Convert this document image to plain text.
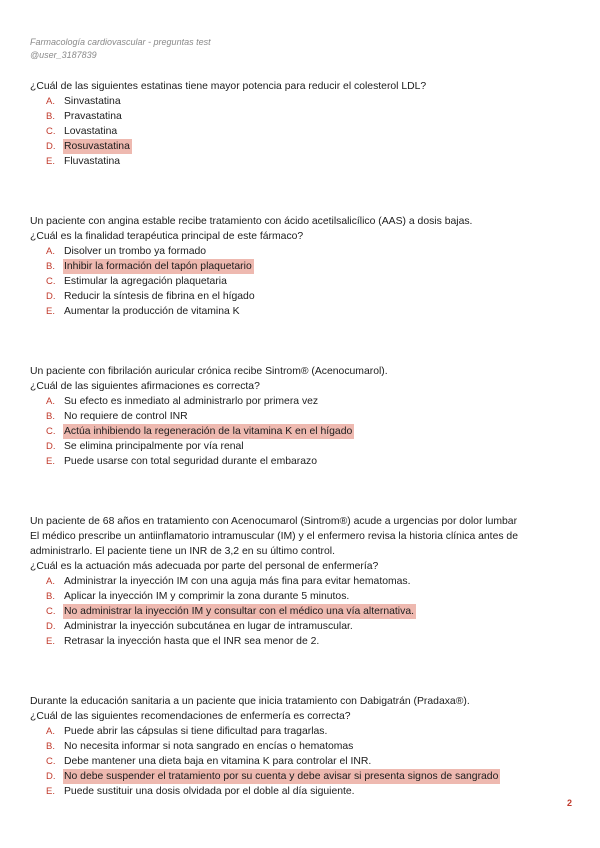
Farmacología cardiovascular - preguntas test
@user_3187839

¿Cuál de las siguientes estatinas tiene mayor potencia para reducir el colesterol LDL?

A. Sinvastatina
B. Pravastatina
C. Lovastatina
D. Rosuvastatina
E. Fluvastatina

Un paciente con angina estable recibe tratamiento con ácido acetilsalicílico (AAS) a dosis bajas.

¿Cuál es la finalidad terapéutica principal de este fármaco?

A. Disolver un trombo ya formado
B. Inhibir la formación del tapón plaquetario
C. Estimular la agregación plaquetaria
D. Reducir la síntesis de fibrina en el hígado
E. Aumentar la producción de vitamina K

Un paciente con fibrilación auricular crónica recibe Sintrom® (Acenocumarol).

¿Cuál de las siguientes afirmaciones es correcta?

A. Su efecto es inmediato al administrarlo por primera vez
B. No requiere de control INR
C. Actúa inhibiendo la regeneración de la vitamina K en el hígado
D. Se elimina principalmente por vía renal
E. Puede usarse con total seguridad durante el embarazo

Un paciente de 68 años en tratamiento con Acenocumarol (Sintrom®) acude a urgencias por dolor lumbar

El médico prescribe un antiinflamatorio intramuscular (IM) y el enfermero revisa la historia clínica antes de

administrarlo. El paciente tiene un INR de 3,2 en su último control.

¿Cuál es la actuación más adecuada por parte del personal de enfermería?

A. Administrar la inyección IM con una aguja más fina para evitar hematomas.
B. Aplicar la inyección IM y comprimir la zona durante 5 minutos.
C. No administrar la inyección IM y consultar con el médico una vía alternativa.
D. Administrar la inyección subcutánea en lugar de intramuscular.
E. Retrasar la inyección hasta que el INR sea menor de 2.

Durante la educación sanitaria a un paciente que inicia tratamiento con Dabigatrán (Pradaxa®).

¿Cuál de las siguientes recomendaciones de enfermería es correcta?

A. Puede abrir las cápsulas si tiene dificultad para tragarlas.
B. No necesita informar si nota sangrado en encías o hematomas
C. Debe mantener una dieta baja en vitamina K para controlar el INR.
D. No debe suspender el tratamiento por su cuenta y debe avisar si presenta signos de sangrado
E. Puede sustituir una dosis olvidada por el doble al día siguiente.
2
